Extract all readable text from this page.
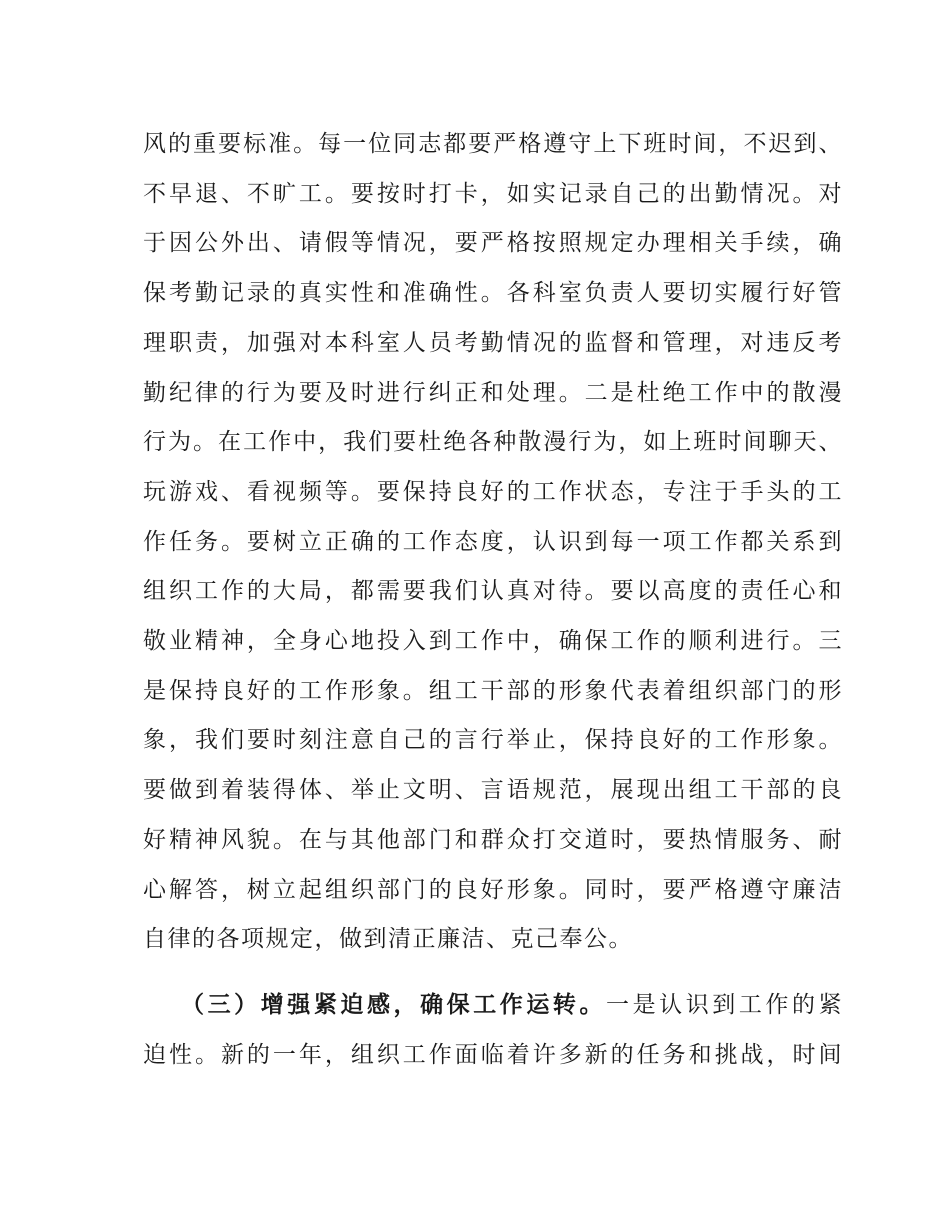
风的重要标准。每一位同志都要严格遵守上下班时间，不迟到、
不早退、不旷工。要按时打卡，如实记录自己的出勤情况。对
于因公外出、请假等情况，要严格按照规定办理相关手续，确
保考勤记录的真实性和准确性。各科室负责人要切实履行好管
理职责，加强对本科室人员考勤情况的监督和管理，对违反考
勤纪律的行为要及时进行纠正和处理。二是杜绝工作中的散漫
行为。在工作中，我们要杜绝各种散漫行为，如上班时间聊天、
玩游戏、看视频等。要保持良好的工作状态，专注于手头的工
作任务。要树立正确的工作态度，认识到每一项工作都关系到
组织工作的大局，都需要我们认真对待。要以高度的责任心和
敬业精神，全身心地投入到工作中，确保工作的顺利进行。三
是保持良好的工作形象。组工干部的形象代表着组织部门的形
象，我们要时刻注意自己的言行举止，保持良好的工作形象。
要做到着装得体、举止文明、言语规范，展现出组工干部的良
好精神风貌。在与其他部门和群众打交道时，要热情服务、耐
心解答，树立起组织部门的良好形象。同时，要严格遵守廉洁
自律的各项规定，做到清正廉洁、克己奉公。

（三）增强紧迫感，确保工作运转。一是认识到工作的紧
迫性。新的一年，组织工作面临着许多新的任务和挑战，时间
